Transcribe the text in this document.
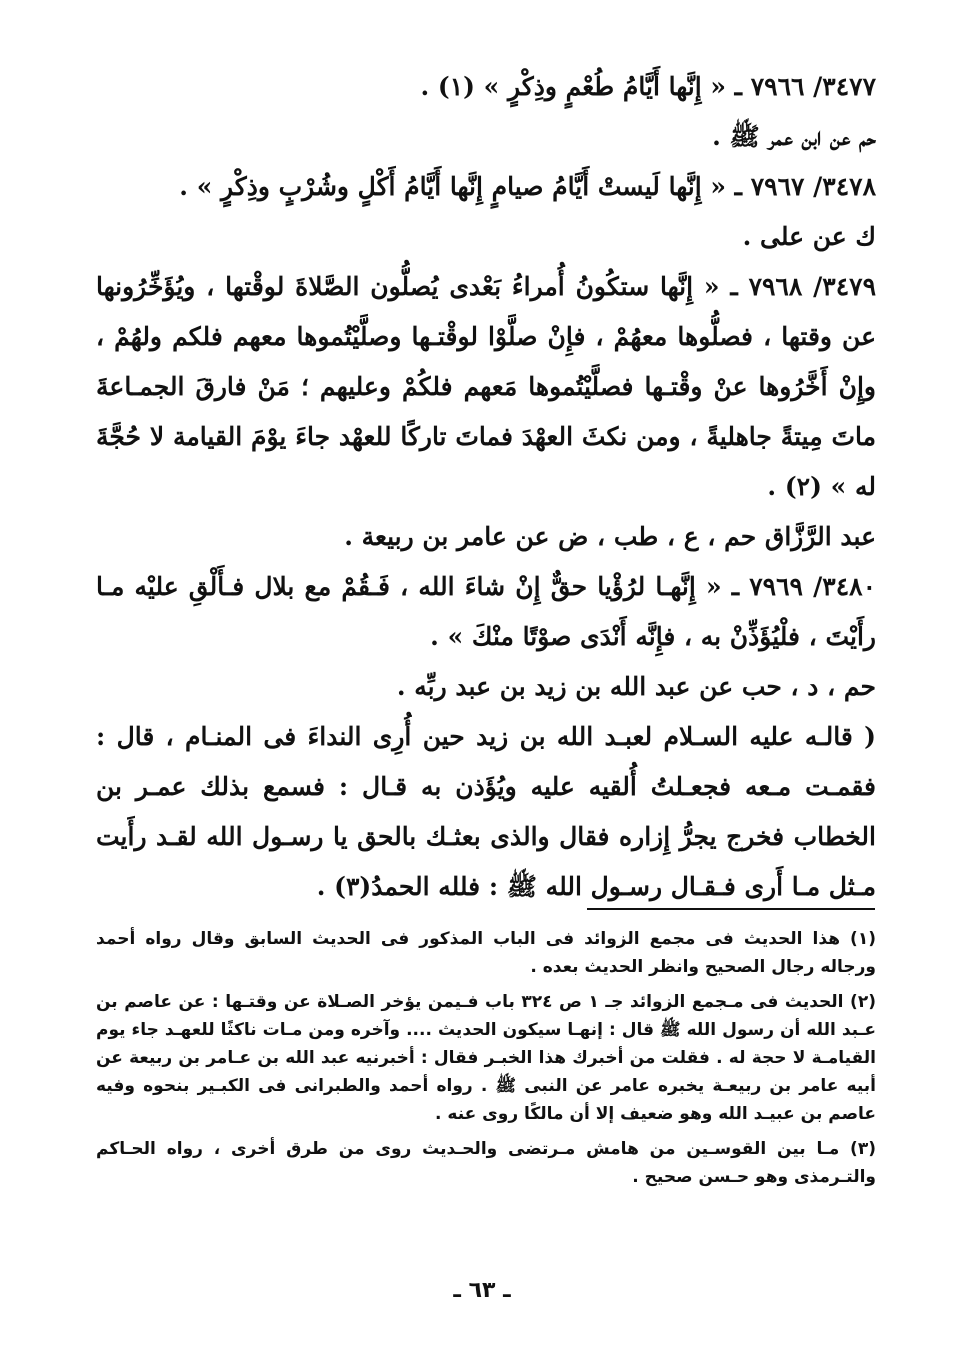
٣٤٧٧/ ٧٩٦٦ ـ « إِنَّها أَيَّامُ طُعْمٍ وذِكْرٍ » (١) .

حم عن ابن عمر ﷺ .

٣٤٧٨/ ٧٩٦٧ ـ « إِنَّها لَيستْ أَيَّامُ صيامٍ إِنَّها أَيَّامُ أَكْلٍ وشُرْبٍ وذِكْرٍ » .

ك عن على .

٣٤٧٩/ ٧٩٦٨ ـ « إِنَّها ستكُونُ أُمراءُ بَعْدى يُصلُّون الصَّلاةَ لوقْتها ، ويُؤَخِّرُونها عن وقتها ، فصلُّوها معهُمْ ، فإِنْ صلَّوْا لوقْتـها وصلَّيْتُموها معهم فلكم ولهُمْ ، وإِنْ أَخَّرُوها عنْ وقْتـها فصلَّيْتُموها مَعهم فلكُمْ وعليهم ؛ مَنْ فارقَ الجمـاعةَ ماتَ مِيتةً جاهليةً ، ومن نكثَ العهْدَ فماتَ تاركًا للعهْد جاءَ يوْمَ القيامة لا حُجَّةَ له » (٢) .

عبد الرَّزَّاق حم ، ع ، طب ، ض عن عامر بن ربيعة .

٣٤٨٠/ ٧٩٦٩ ـ « إِنَّهـا لرُؤْيا حقٌّ إِنْ شاءَ الله ، فَـقُمْ مع بلال فـأَلْقِ عليْه مـا رأَيْتَ ، فلْيُؤَذِّنْ به ، فإِنَّه أَنْدَى صوْتًا منْكَ » .

حم ، د ، حب عن عبد الله بن زيد بن عبد ربِّه .

( قالـه عليه السـلام لعبـد الله بن زيد حين أُرِى النداءَ فى المنـام ، قال : فقمـت مـعه فجعـلتُ أُلقيه عليه ويُؤَذن به قـال : فسمع بذلك عمـر بن الخطاب فخرج يجرُّ إِزاره فقال والذى بعثـك بالحق يا رسـول الله لقـد رأَيت مـثل مـا أَرى فـقـال رسـول الله ﷺ : فلله الحمدُ(٣) .

(١) هذا الحديث فى مجمع الزوائد فى الباب المذكور فى الحديث السابق وقال رواه أحمد ورجاله رجال الصحيح وانظر الحديث بعده .

(٢) الحديث فى مـجمع الزوائد جـ ١ ص ٣٢٤ باب فـيمن يؤخر الصـلاة عن وقتـها : عن عاصم بن عـبد الله أن رسول الله ﷺ قال : إنهـا سيكون الحديث .... وآخره ومن مـات ناكثًا للعهـد جاء يوم القيامـة لا حجة له . فقلت من أخبرك هذا الخبـر فقال : أخبرنيه عبد الله بن عـامر بن ربيعة عن أبيه عامر بن ربيعـة يخبره عامر عن النبى ﷺ . رواه أحمد والطبرانى فى الكبـير بنحوه وفيه عاصم بن عبيـد الله وهو ضعيف إلا أن مالكًا روى عنه .

(٣) مـا بين القوسـين من هامش مـرتضى والحـديث روى من طرق أخرى ، رواه الحـاكم والتـرمذى وهو حـسن صحيح .

ـ ٦٣ ـ
